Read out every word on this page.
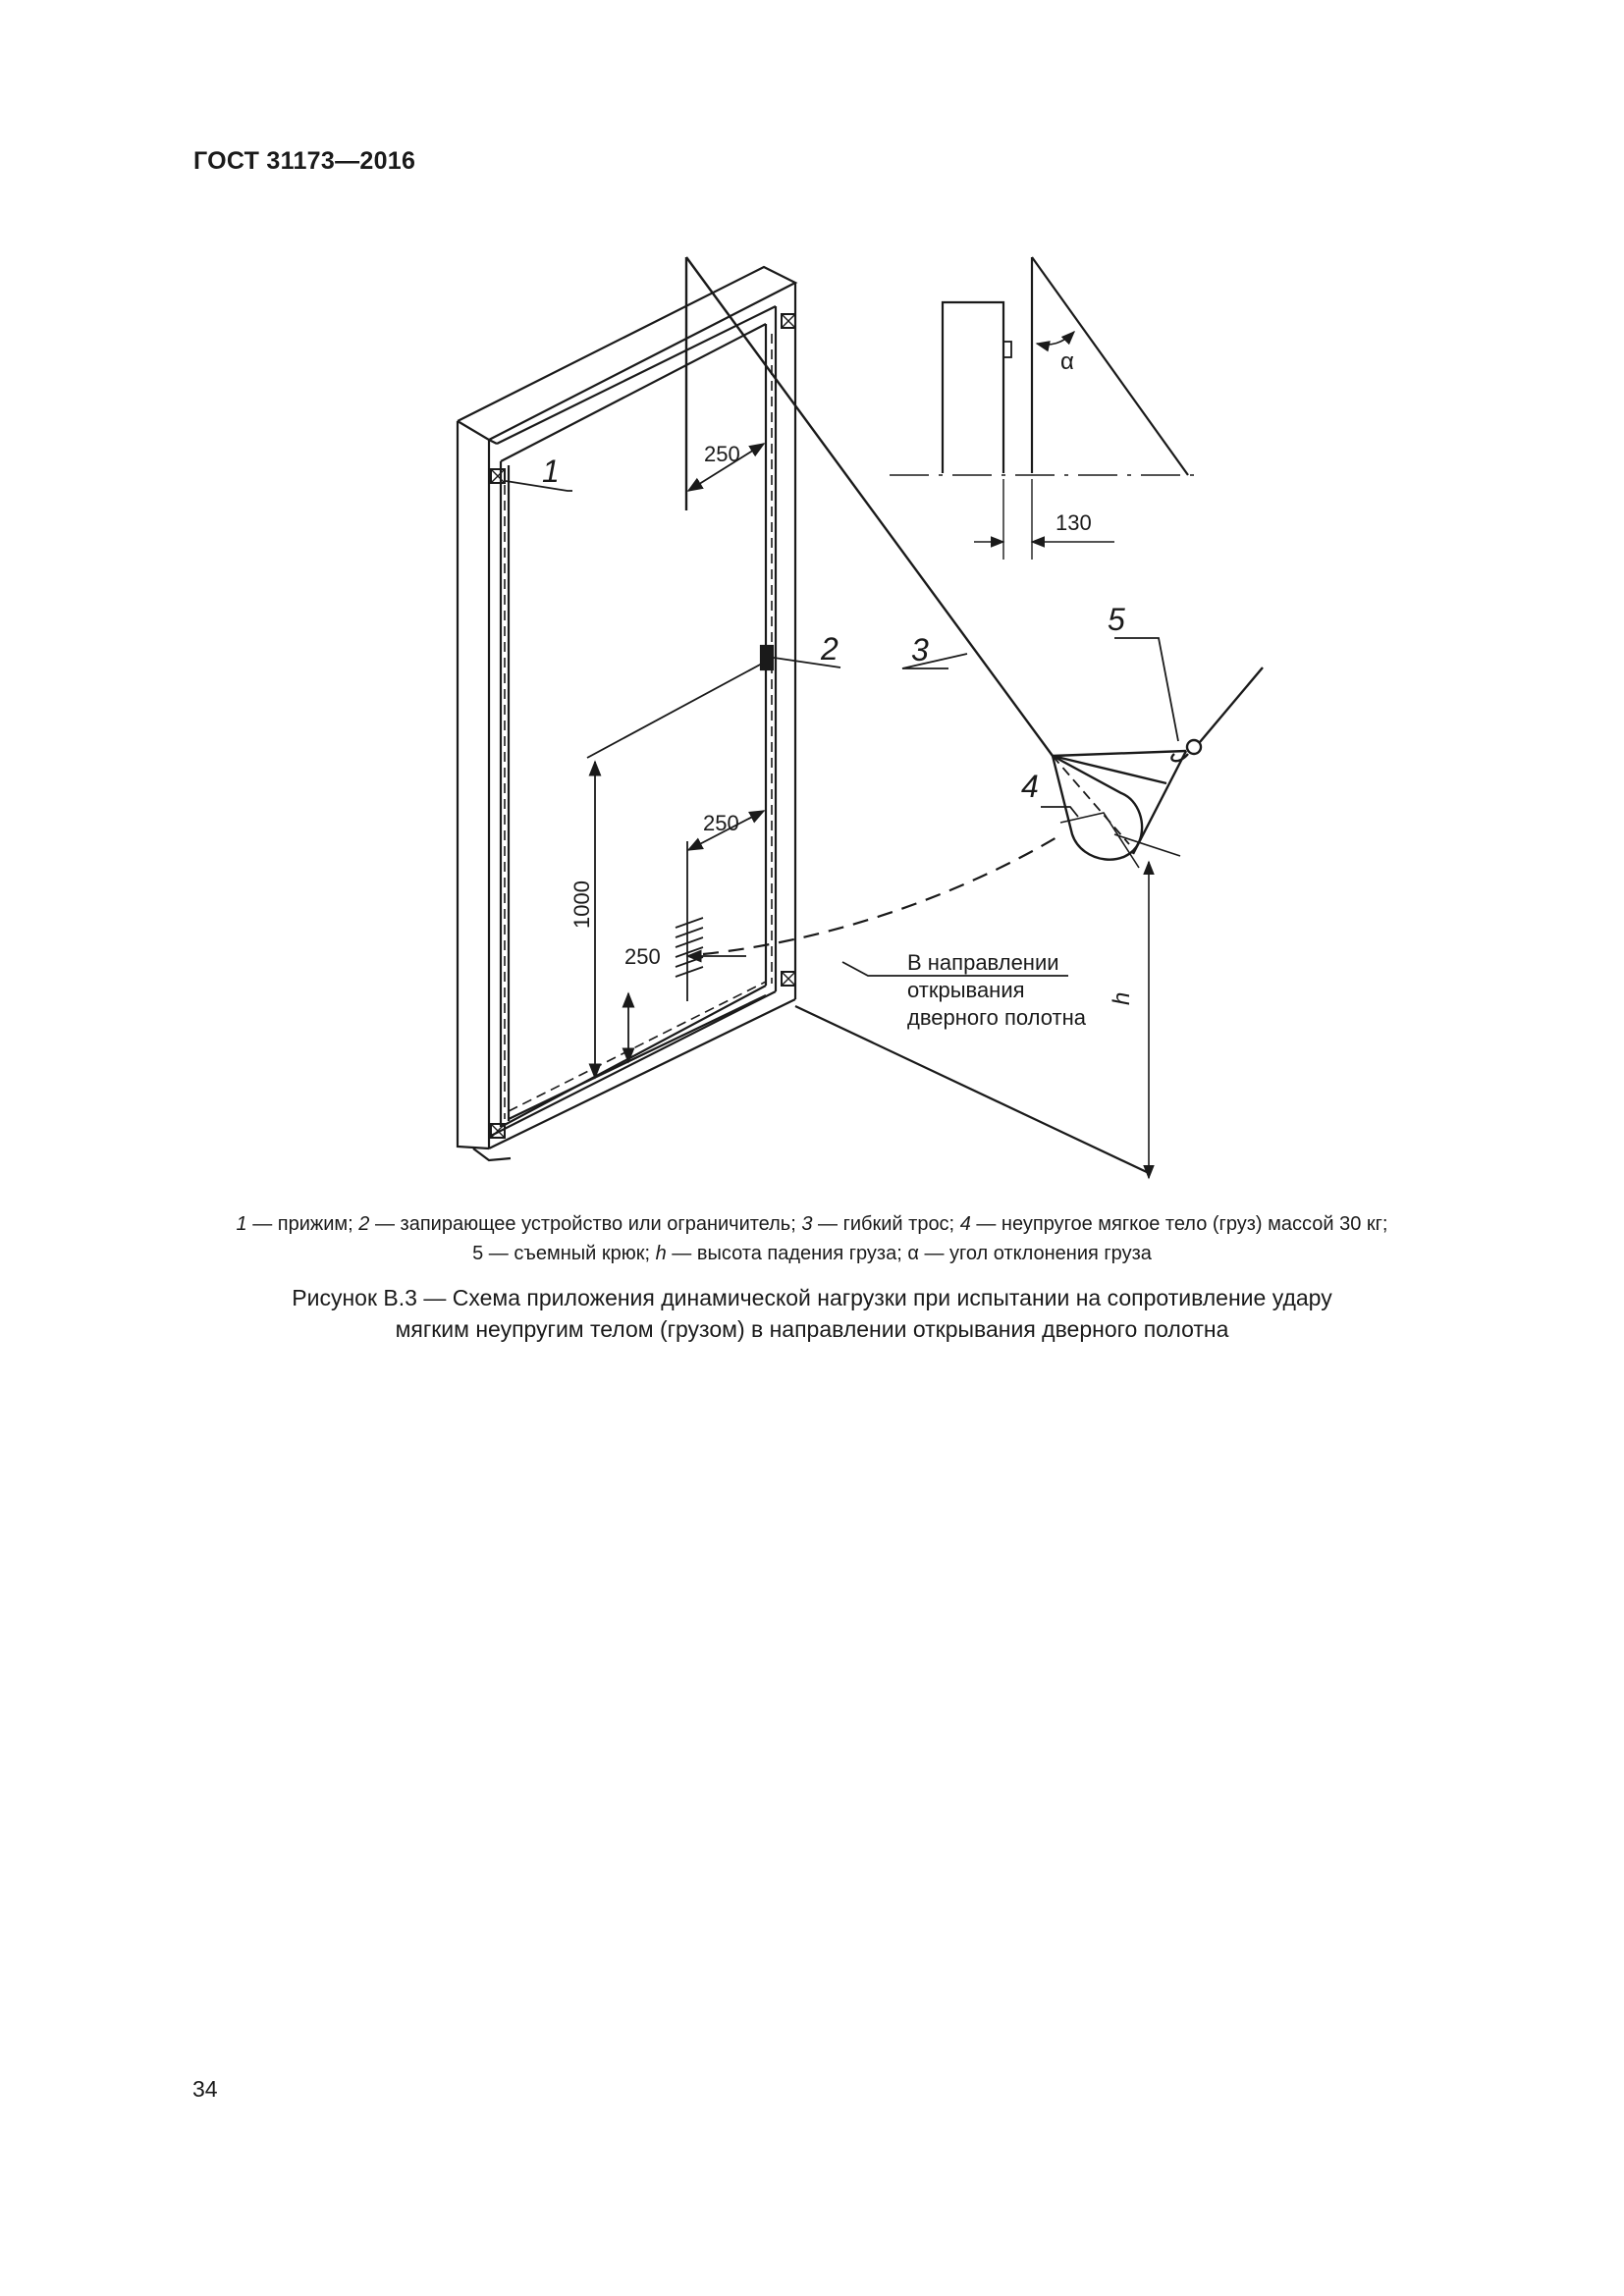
ГОСТ 31173—2016
1
2 3
4
5
250
250
250
1000
130
α
h
В направлении
открывания
дверного полотна
1 — прижим; 2 — запирающее устройство или ограничитель; 3 — гибкий трос; 4 — неупругое мягкое тело (груз) массой 30 кг;
5 — съемный крюк; h — высота падения груза; α — угол отклонения груза
Рисунок В.3 — Схема приложения динамической нагрузки при испытании на сопротивление удару
мягким неупругим телом (грузом) в направлении открывания дверного полотна
34
